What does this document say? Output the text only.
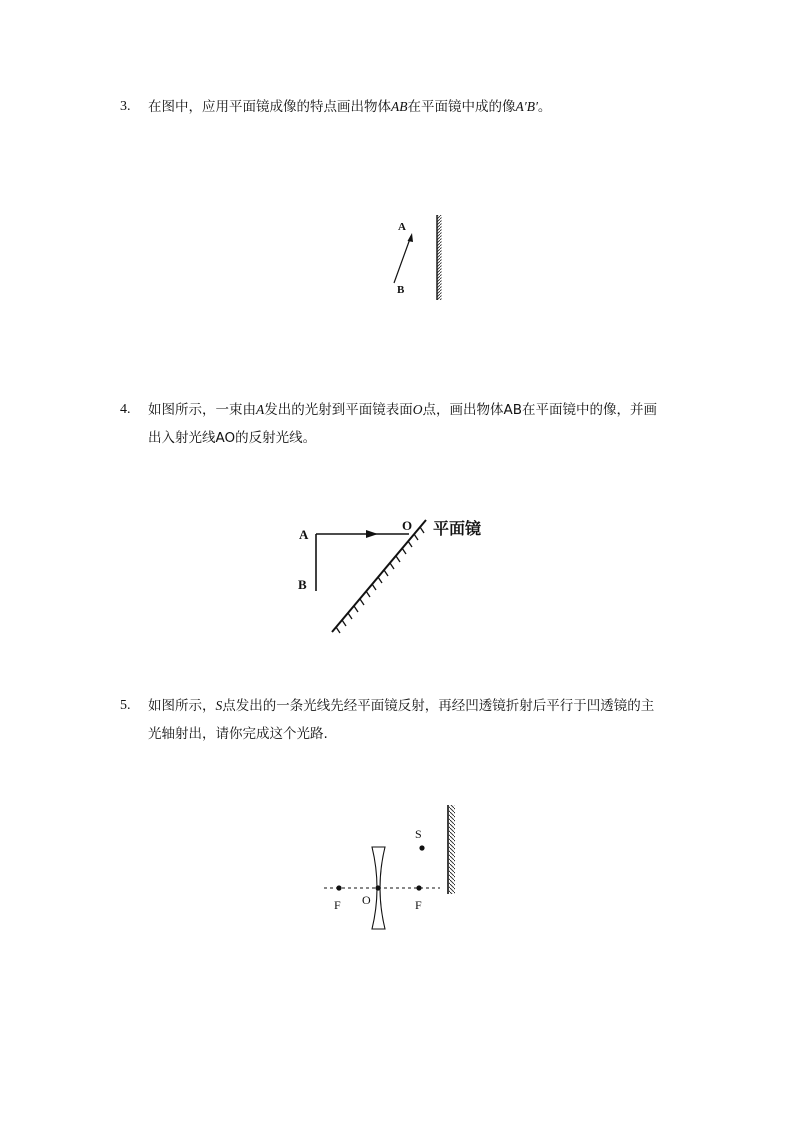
3. 在图中，应用平面镜成像的特点画出物体AB在平面镜中成的像A′B′。
A
B
4. 如图所示，一束由A发出的光射到平面镜表面O点，画出物体AB在平面镜中的像，并画
出入射光线AO的反射光线。
A
B
O 平面镜
5. 如图所示，S点发出的一条光线先经平面镜反射，再经凹透镜折射后平行于凹透镜的主
光轴射出，请你完成这个光路.
S
F O	F
